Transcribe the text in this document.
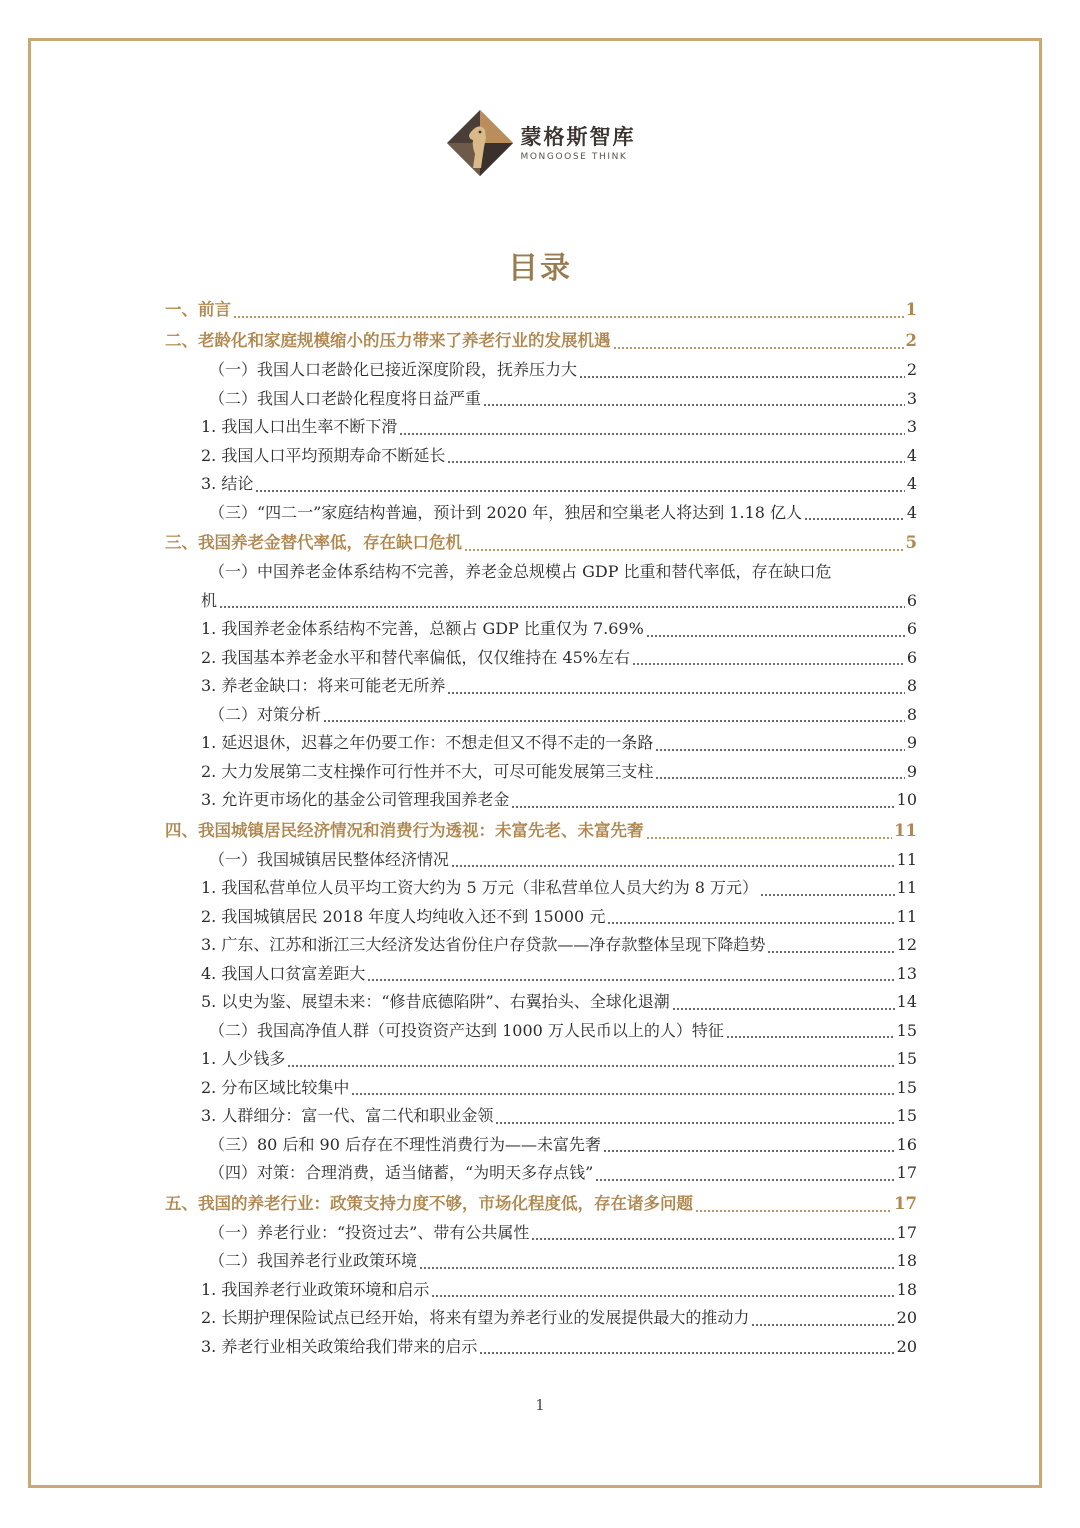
蒙格斯智库
MONGOOSE THINK
目录
一、前言	1
二、老龄化和家庭规模缩小的压力带来了养老行业的发展机遇	2
（一）我国人口老龄化已接近深度阶段，抚养压力大	2
（二）我国人口老龄化程度将日益严重	3
1. 我国人口出生率不断下滑	3
2. 我国人口平均预期寿命不断延长	4
3. 结论	4
（三）“四二一”家庭结构普遍，预计到 2020 年，独居和空巢老人将达到 1.18 亿人	4
三、我国养老金替代率低，存在缺口危机	5
（一）中国养老金体系结构不完善，养老金总规模占 GDP 比重和替代率低，存在缺口危
机	6
1. 我国养老金体系结构不完善，总额占 GDP 比重仅为 7.69%	6
2. 我国基本养老金水平和替代率偏低，仅仅维持在 45%左右	6
3. 养老金缺口：将来可能老无所养	8
（二）对策分析	8
1. 延迟退休，迟暮之年仍要工作：不想走但又不得不走的一条路	9
2. 大力发展第二支柱操作可行性并不大，可尽可能发展第三支柱	9
3. 允许更市场化的基金公司管理我国养老金	10
四、我国城镇居民经济情况和消费行为透视：未富先老、未富先奢	11
（一）我国城镇居民整体经济情况	11
1. 我国私营单位人员平均工资大约为 5 万元（非私营单位人员大约为 8 万元）	11
2. 我国城镇居民 2018 年度人均纯收入还不到 15000 元	11
3. 广东、江苏和浙江三大经济发达省份住户存贷款——净存款整体呈现下降趋势	12
4. 我国人口贫富差距大	13
5. 以史为鉴、展望未来：“修昔底德陷阱”、右翼抬头、全球化退潮	14
（二）我国高净值人群（可投资资产达到 1000 万人民币以上的人）特征	15
1. 人少钱多	15
2. 分布区域比较集中	15
3. 人群细分：富一代、富二代和职业金领	15
（三）80 后和 90 后存在不理性消费行为——未富先奢	16
（四）对策：合理消费，适当储蓄，“为明天多存点钱”	17
五、我国的养老行业：政策支持力度不够，市场化程度低，存在诸多问题	17
（一）养老行业：“投资过去”、带有公共属性	17
（二）我国养老行业政策环境	18
1. 我国养老行业政策环境和启示	18
2. 长期护理保险试点已经开始，将来有望为养老行业的发展提供最大的推动力	20
3. 养老行业相关政策给我们带来的启示	20
1
